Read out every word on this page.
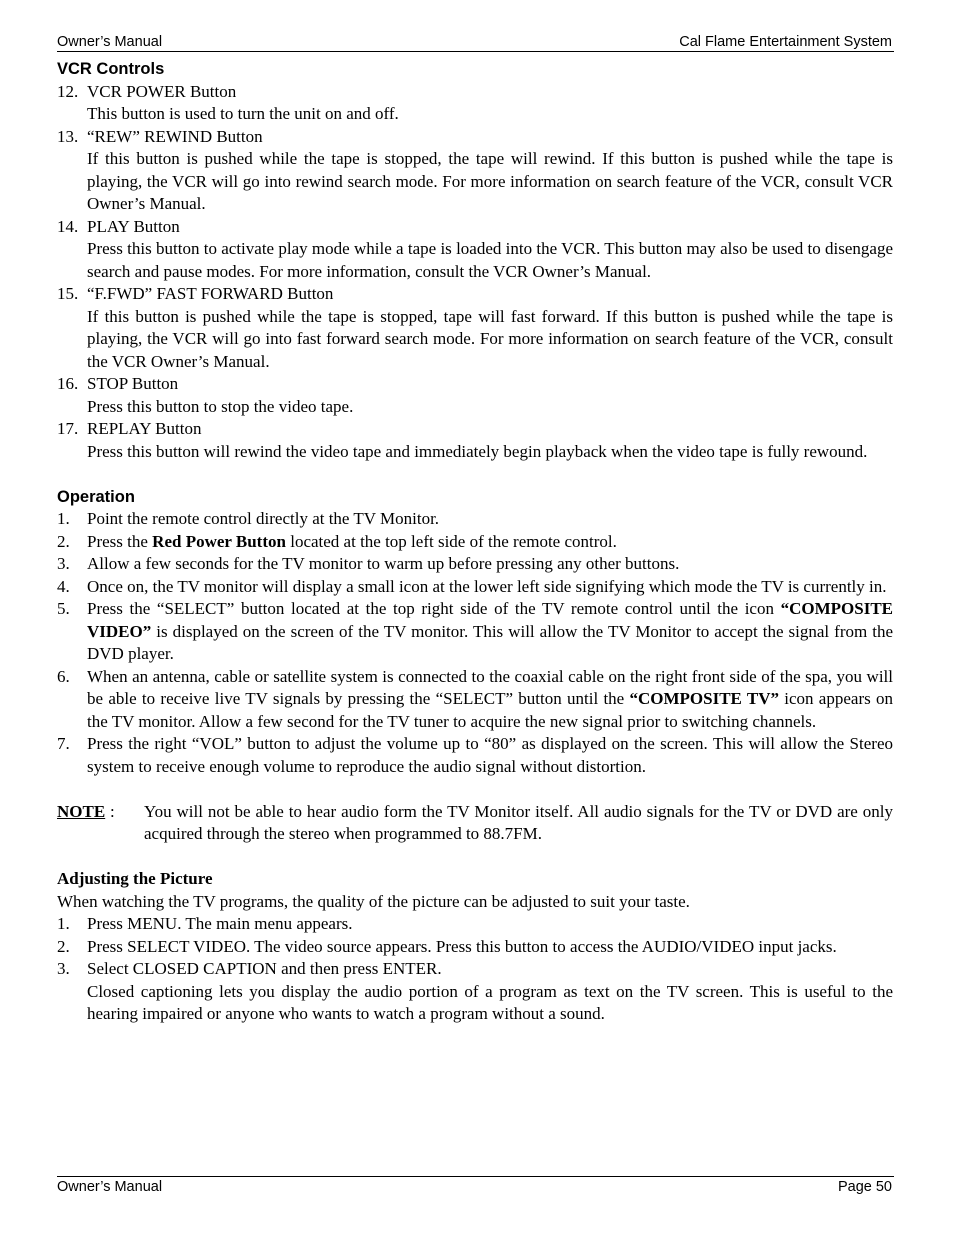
Owner’s Manual	Cal Flame Entertainment System
VCR Controls
12. VCR POWER Button
This button is used to turn the unit on and off.
13. “REW” REWIND Button
If this button is pushed while the tape is stopped, the tape will rewind. If this button is pushed while the tape is playing, the VCR will go into rewind search mode. For more information on search feature of the VCR, consult VCR Owner’s Manual.
14. PLAY Button
Press this button to activate play mode while a tape is loaded into the VCR. This button may also be used to disengage search and pause modes. For more information, consult the VCR Owner’s Manual.
15. “F.FWD” FAST FORWARD Button
If this button is pushed while the tape is stopped, tape will fast forward. If this button is pushed while the tape is playing, the VCR will go into fast forward search mode. For more information on search feature of the VCR, consult the VCR Owner’s Manual.
16. STOP Button
Press this button to stop the video tape.
17. REPLAY Button
Press this button will rewind the video tape and immediately begin playback when the video tape is fully rewound.
Operation
1. Point the remote control directly at the TV Monitor.
2. Press the Red Power Button located at the top left side of the remote control.
3. Allow a few seconds for the TV monitor to warm up before pressing any other buttons.
4. Once on, the TV monitor will display a small icon at the lower left side signifying which mode the TV is currently in.
5. Press the “SELECT” button located at the top right side of the TV remote control until the icon “COMPOSITE VIDEO” is displayed on the screen of the TV monitor. This will allow the TV Monitor to accept the signal from the DVD player.
6. When an antenna, cable or satellite system is connected to the coaxial cable on the right front side of the spa, you will be able to receive live TV signals by pressing the “SELECT” button until the “COMPOSITE TV” icon appears on the TV monitor. Allow a few second for the TV tuner to acquire the new signal prior to switching channels.
7. Press the right “VOL” button to adjust the volume up to “80” as displayed on the screen. This will allow the Stereo system to receive enough volume to reproduce the audio signal without distortion.
NOTE : You will not be able to hear audio form the TV Monitor itself. All audio signals for the TV or DVD are only acquired through the stereo when programmed to 88.7FM.
Adjusting the Picture
When watching the TV programs, the quality of the picture can be adjusted to suit your taste.
1. Press MENU. The main menu appears.
2. Press SELECT VIDEO. The video source appears. Press this button to access the AUDIO/VIDEO input jacks.
3. Select CLOSED CAPTION and then press ENTER.
Closed captioning lets you display the audio portion of a program as text on the TV screen. This is useful to the hearing impaired or anyone who wants to watch a program without a sound.
Owner’s Manual	Page 50
